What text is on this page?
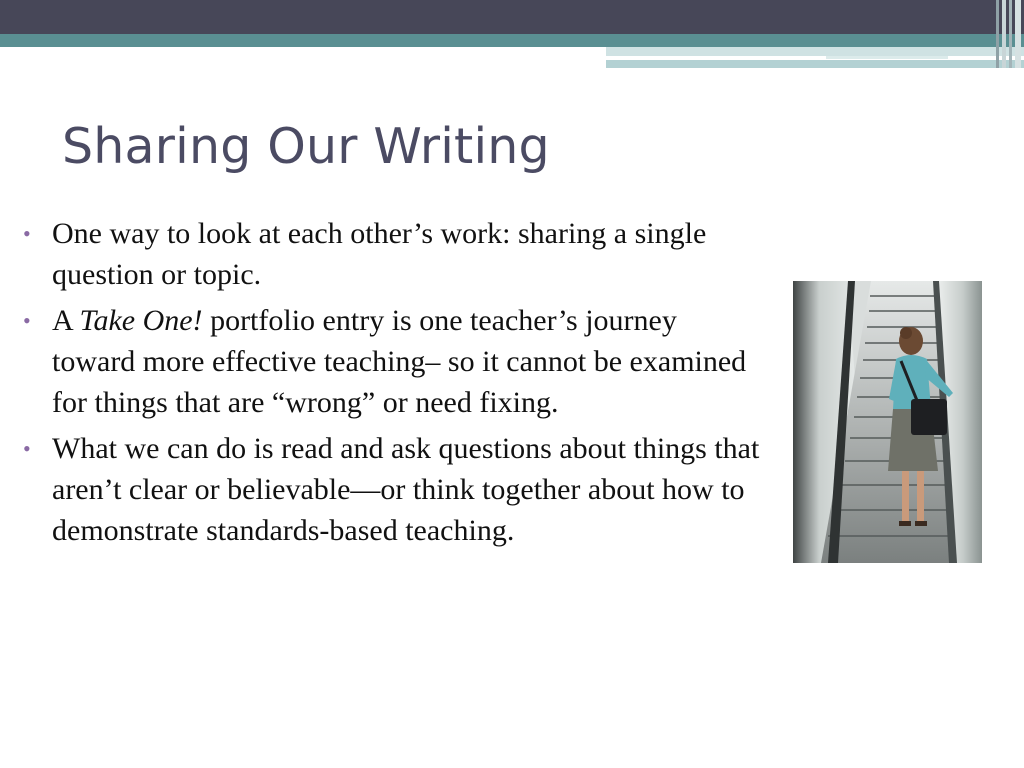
Sharing Our Writing
• One way to look at each other’s work: sharing a single question or topic.
• A Take One! portfolio entry is one teacher’s journey toward more effective teaching– so it cannot be examined for things that are “wrong” or need fixing.
• What we can do is read and ask questions about things that aren’t clear or believable—or think together about how to demonstrate standards-based teaching.
